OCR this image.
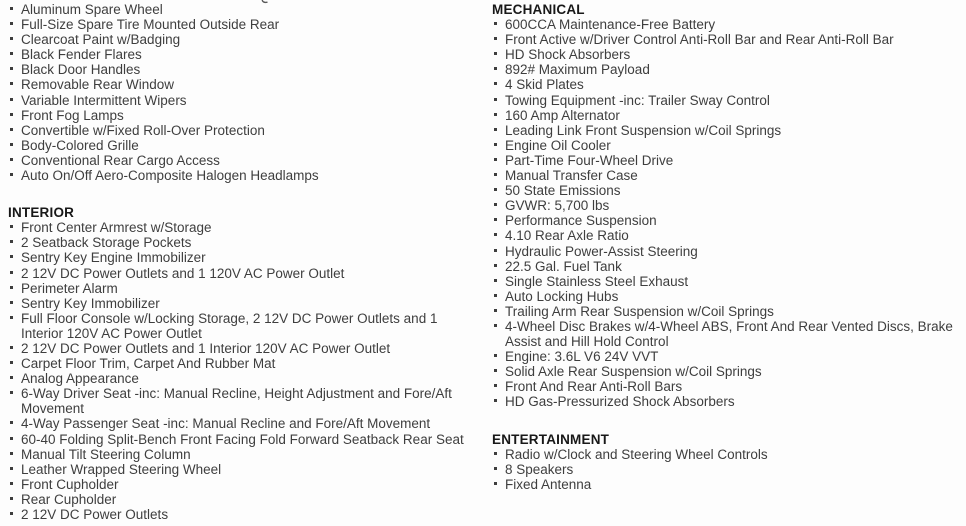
Aluminum Spare Wheel
Full-Size Spare Tire Mounted Outside Rear
Clearcoat Paint w/Badging
Black Fender Flares
Black Door Handles
Removable Rear Window
Variable Intermittent Wipers
Front Fog Lamps
Convertible w/Fixed Roll-Over Protection
Body-Colored Grille
Conventional Rear Cargo Access
Auto On/Off Aero-Composite Halogen Headlamps
INTERIOR
Front Center Armrest w/Storage
2 Seatback Storage Pockets
Sentry Key Engine Immobilizer
2 12V DC Power Outlets and 1 120V AC Power Outlet
Perimeter Alarm
Sentry Key Immobilizer
Full Floor Console w/Locking Storage, 2 12V DC Power Outlets and 1 Interior 120V AC Power Outlet
2 12V DC Power Outlets and 1 Interior 120V AC Power Outlet
Carpet Floor Trim, Carpet And Rubber Mat
Analog Appearance
6-Way Driver Seat -inc: Manual Recline, Height Adjustment and Fore/Aft Movement
4-Way Passenger Seat -inc: Manual Recline and Fore/Aft Movement
60-40 Folding Split-Bench Front Facing Fold Forward Seatback Rear Seat
Manual Tilt Steering Column
Leather Wrapped Steering Wheel
Front Cupholder
Rear Cupholder
2 12V DC Power Outlets
MECHANICAL
600CCA Maintenance-Free Battery
Front Active w/Driver Control Anti-Roll Bar and Rear Anti-Roll Bar
HD Shock Absorbers
892# Maximum Payload
4 Skid Plates
Towing Equipment -inc: Trailer Sway Control
160 Amp Alternator
Leading Link Front Suspension w/Coil Springs
Engine Oil Cooler
Part-Time Four-Wheel Drive
Manual Transfer Case
50 State Emissions
GVWR: 5,700 lbs
Performance Suspension
4.10 Rear Axle Ratio
Hydraulic Power-Assist Steering
22.5 Gal. Fuel Tank
Single Stainless Steel Exhaust
Auto Locking Hubs
Trailing Arm Rear Suspension w/Coil Springs
4-Wheel Disc Brakes w/4-Wheel ABS, Front And Rear Vented Discs, Brake Assist and Hill Hold Control
Engine: 3.6L V6 24V VVT
Solid Axle Rear Suspension w/Coil Springs
Front And Rear Anti-Roll Bars
HD Gas-Pressurized Shock Absorbers
ENTERTAINMENT
Radio w/Clock and Steering Wheel Controls
8 Speakers
Fixed Antenna
